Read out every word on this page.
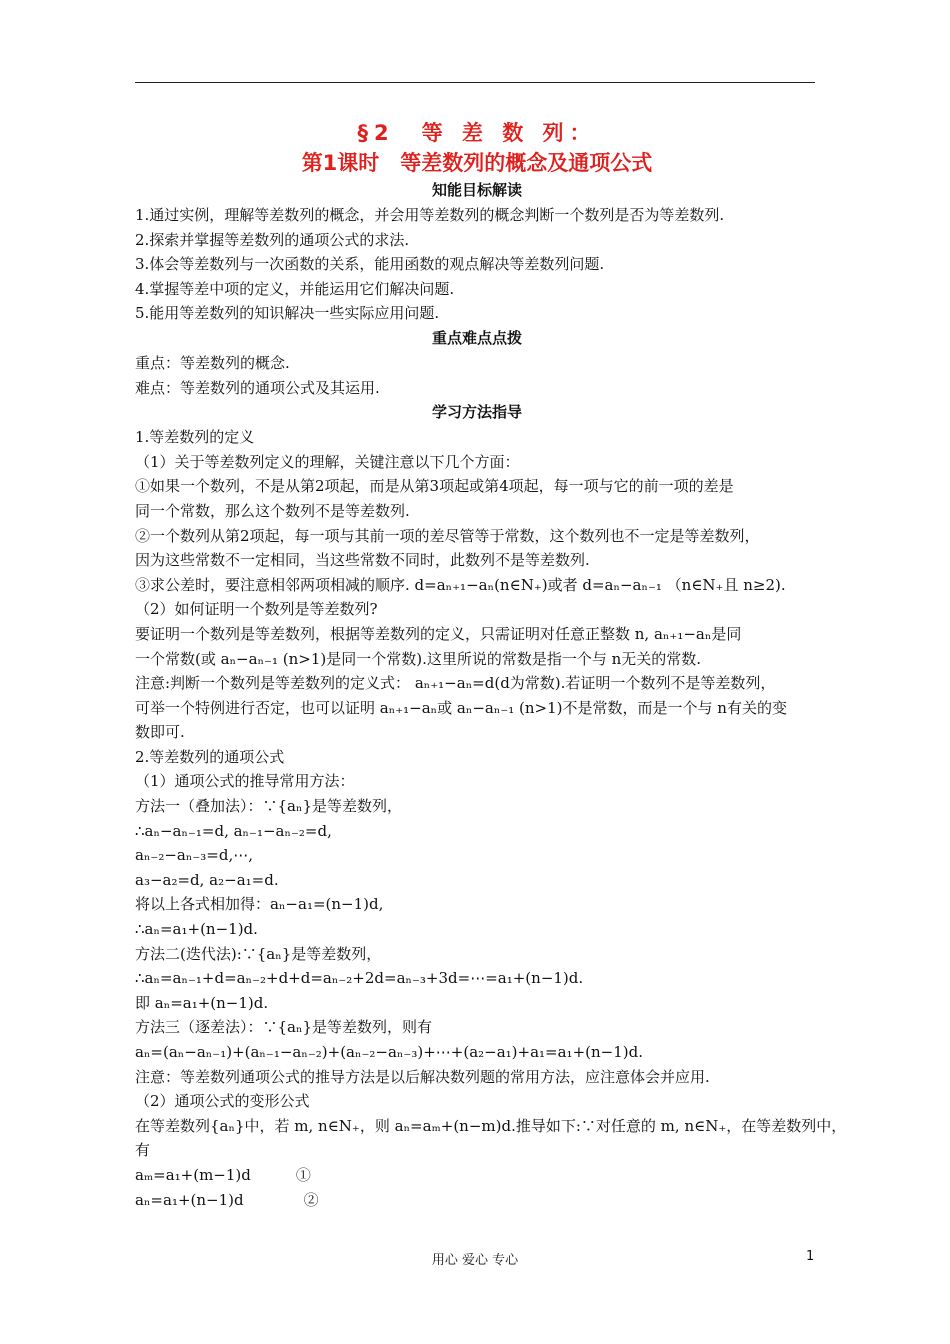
§2　等 差 数 列：
第1课时　等差数列的概念及通项公式
知能目标解读
1.通过实例，理解等差数列的概念，并会用等差数列的概念判断一个数列是否为等差数列.
2.探索并掌握等差数列的通项公式的求法.
3.体会等差数列与一次函数的关系，能用函数的观点解决等差数列问题.
4.掌握等差中项的定义，并能运用它们解决问题.
5.能用等差数列的知识解决一些实际应用问题.
重点难点点拨
重点：等差数列的概念.
难点：等差数列的通项公式及其运用.
学习方法指导
1.等差数列的定义
（1）关于等差数列定义的理解，关键注意以下几个方面：
①如果一个数列，不是从第2项起，而是从第3项起或第4项起，每一项与它的前一项的差是
同一个常数，那么这个数列不是等差数列.
②一个数列从第2项起，每一项与其前一项的差尽管等于常数，这个数列也不一定是等差数列，
因为这些常数不一定相同，当这些常数不同时，此数列不是等差数列.
③求公差时，要注意相邻两项相减的顺序. d=aₙ₊₁−aₙ(n∈N₊)或者 d=aₙ−aₙ₋₁ （n∈N₊且 n≥2).
（2）如何证明一个数列是等差数列?
要证明一个数列是等差数列，根据等差数列的定义，只需证明对任意正整数 n, aₙ₊₁−aₙ是同
一个常数(或 aₙ−aₙ₋₁ (n>1)是同一个常数).这里所说的常数是指一个与 n无关的常数.
注意:判断一个数列是等差数列的定义式： aₙ₊₁−aₙ=d(d为常数).若证明一个数列不是等差数列，
可举一个特例进行否定，也可以证明 aₙ₊₁−aₙ或 aₙ−aₙ₋₁ (n>1)不是常数，而是一个与 n有关的变
数即可.
2.等差数列的通项公式
（1）通项公式的推导常用方法：
方法一（叠加法）：∵{aₙ}是等差数列，
∴aₙ−aₙ₋₁=d, aₙ₋₁−aₙ₋₂=d,
aₙ₋₂−aₙ₋₃=d,⋯,
a₃−a₂=d, a₂−a₁=d.
将以上各式相加得：aₙ−a₁=(n−1)d,
∴aₙ=a₁+(n−1)d.
方法二(迭代法):∵{aₙ}是等差数列，
∴aₙ=aₙ₋₁+d=aₙ₋₂+d+d=aₙ₋₂+2d=aₙ₋₃+3d=⋯=a₁+(n−1)d.
即 aₙ=a₁+(n−1)d.
方法三（逐差法）：∵{aₙ}是等差数列，则有
aₙ=(aₙ−aₙ₋₁)+(aₙ₋₁−aₙ₋₂)+(aₙ₋₂−aₙ₋₃)+⋯+(a₂−a₁)+a₁=a₁+(n−1)d.
注意：等差数列通项公式的推导方法是以后解决数列题的常用方法，应注意体会并应用.
（2）通项公式的变形公式
在等差数列{aₙ}中，若 m, n∈N₊，则 aₙ=aₘ+(n−m)d.推导如下:∵对任意的 m, n∈N₊，在等差数列中，
有
aₘ=a₁+(m−1)d　　　①
aₙ=a₁+(n−1)d　　　　②
用心 爱心 专心	1
